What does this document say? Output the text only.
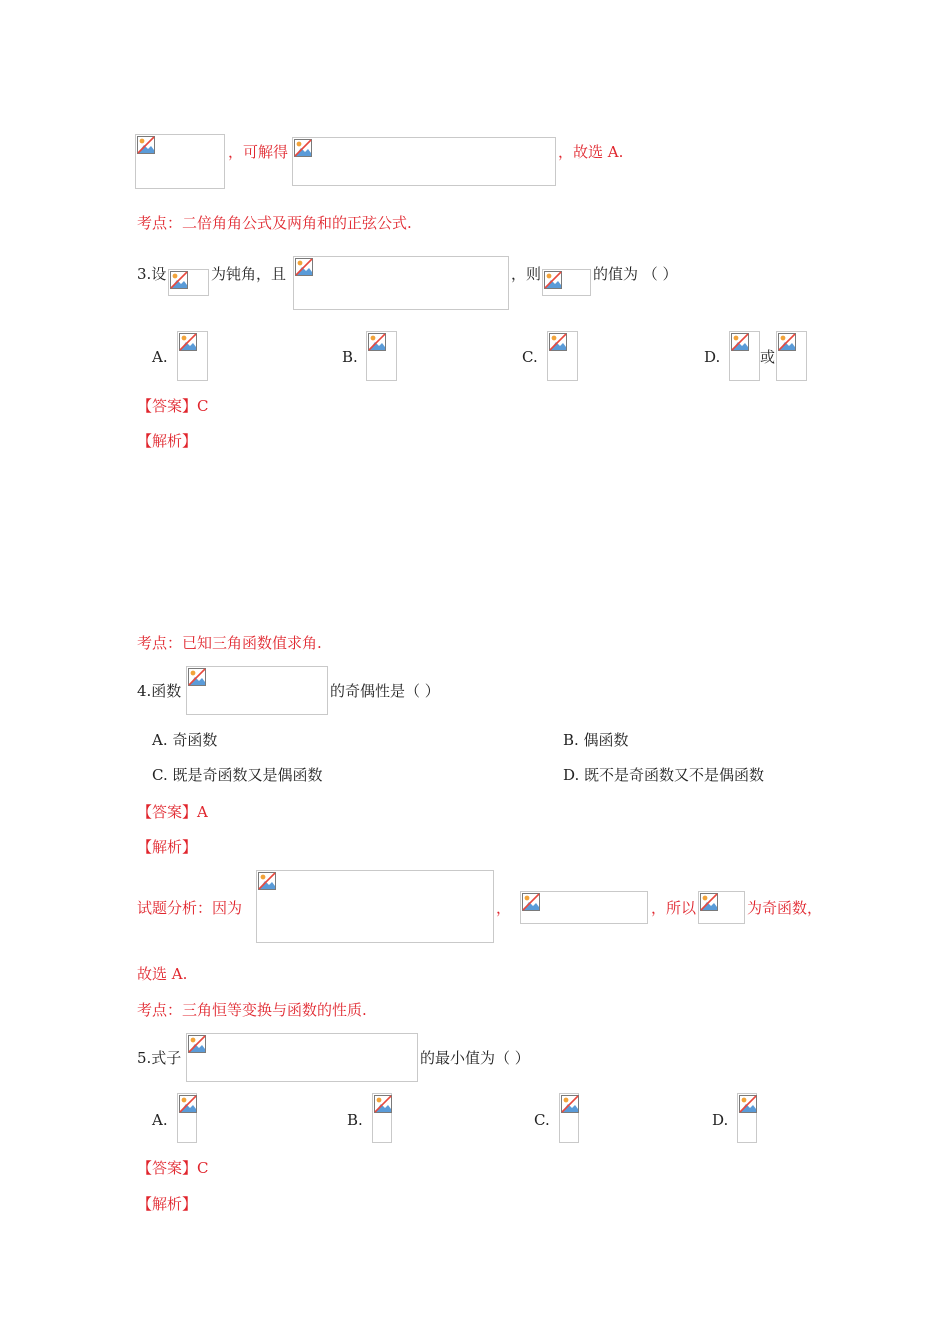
，可解得	，故选 A.
考点：二倍角角公式及两角和的正弦公式.
3.设	为钝角，且	，则	的值为 （ ）
A.	B.	C.	D.	或
【答案】C
【解析】
考点：已知三角函数值求角.
4.函数	的奇偶性是（ ）
A. 奇函数	B. 偶函数
C. 既是奇函数又是偶函数	D. 既不是奇函数又不是偶函数
【答案】A
【解析】
试题分析：因为	，	，所以	为奇函数，
故选 A.
考点：三角恒等变换与函数的性质.
5.式子	的最小值为（ ）
A.	B.	C.	D.
【答案】C
【解析】
